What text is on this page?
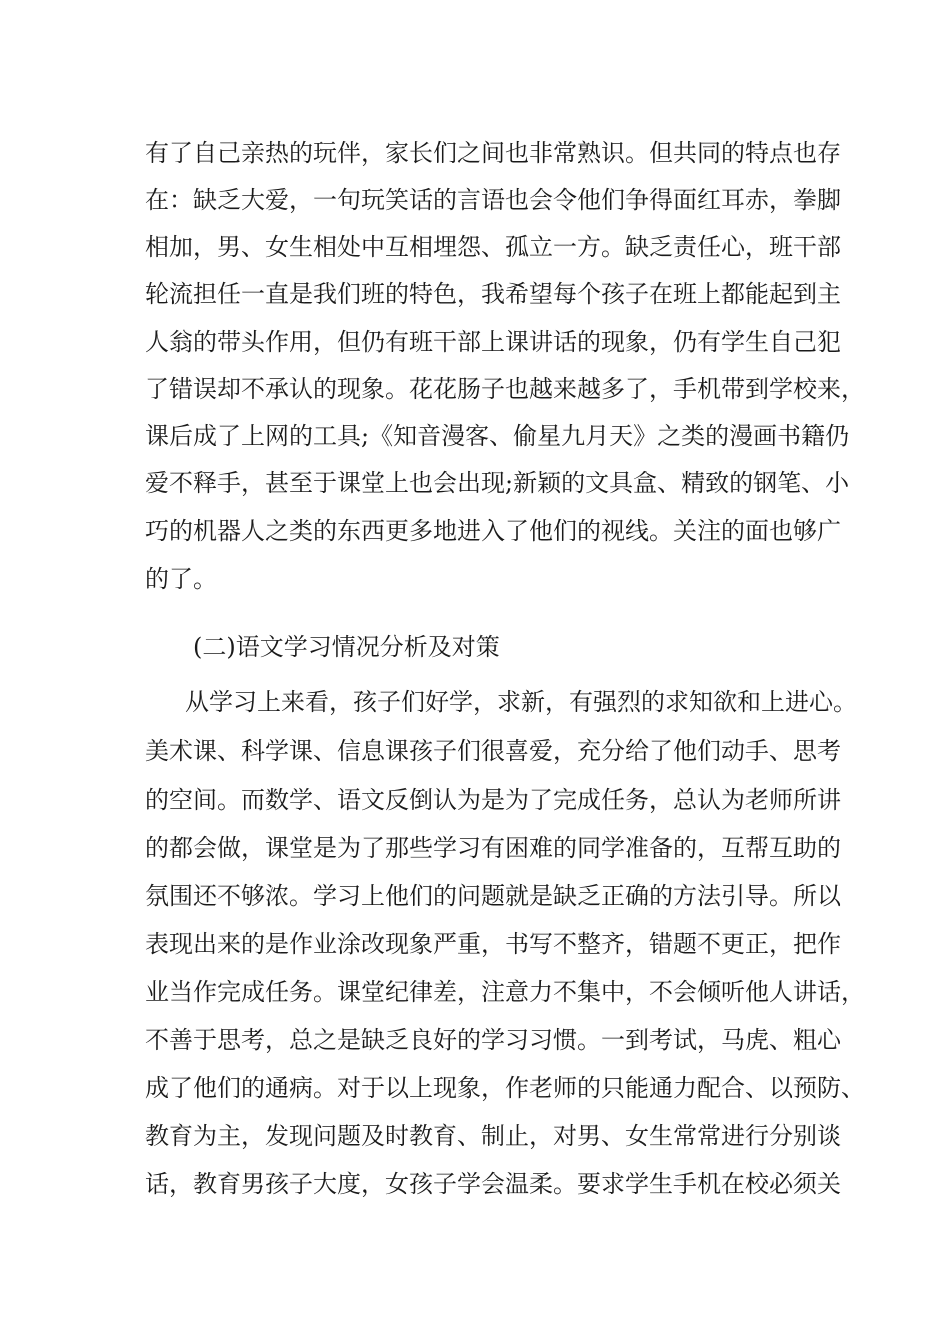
有了自己亲热的玩伴，家长们之间也非常熟识。但共同的特点也存

在：缺乏大爱，一句玩笑话的言语也会令他们争得面红耳赤，拳脚

相加，男、女生相处中互相埋怨、孤立一方。缺乏责任心，班干部

轮流担任一直是我们班的特色，我希望每个孩子在班上都能起到主

人翁的带头作用，但仍有班干部上课讲话的现象，仍有学生自己犯

了错误却不承认的现象。花花肠子也越来越多了，手机带到学校来，

课后成了上网的工具;《知音漫客、偷星九月天》之类的漫画书籍仍

爱不释手，甚至于课堂上也会出现;新颖的文具盒、精致的钢笔、小

巧的机器人之类的东西更多地进入了他们的视线。关注的面也够广

的了。

(二)语文学习情况分析及对策

从学习上来看，孩子们好学，求新，有强烈的求知欲和上进心。

美术课、科学课、信息课孩子们很喜爱，充分给了他们动手、思考

的空间。而数学、语文反倒认为是为了完成任务，总认为老师所讲

的都会做，课堂是为了那些学习有困难的同学准备的，互帮互助的

氛围还不够浓。学习上他们的问题就是缺乏正确的方法引导。所以

表现出来的是作业涂改现象严重，书写不整齐，错题不更正，把作

业当作完成任务。课堂纪律差，注意力不集中，不会倾听他人讲话，

不善于思考，总之是缺乏良好的学习习惯。一到考试，马虎、粗心

成了他们的通病。对于以上现象，作老师的只能通力配合、以预防、

教育为主，发现问题及时教育、制止，对男、女生常常进行分别谈

话，教育男孩子大度，女孩子学会温柔。要求学生手机在校必须关
